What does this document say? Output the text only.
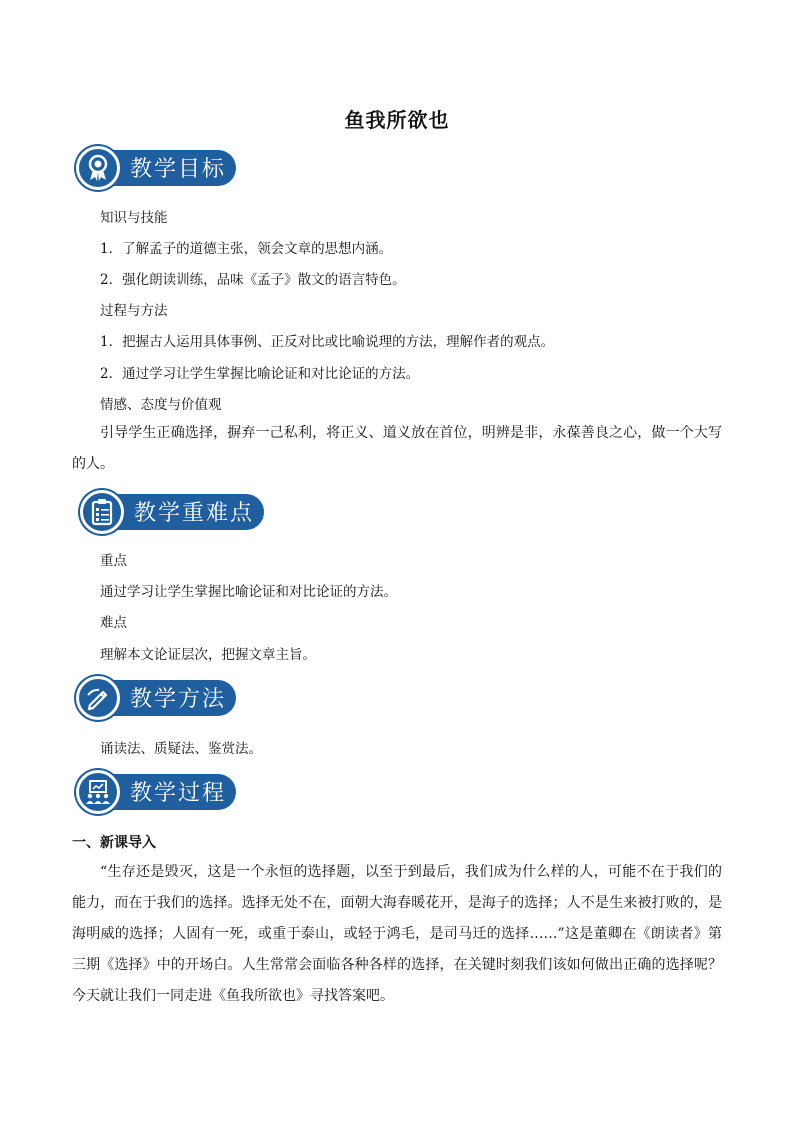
鱼我所欲也
教学目标
知识与技能
1．了解孟子的道德主张，领会文章的思想内涵。
2．强化朗读训练，品味《孟子》散文的语言特色。
过程与方法
1．把握古人运用具体事例、正反对比或比喻说理的方法，理解作者的观点。
2．通过学习让学生掌握比喻论证和对比论证的方法。
情感、态度与价值观
引导学生正确选择，摒弃一己私利，将正义、道义放在首位，明辨是非，永葆善良之心，做一个大写的人。
教学重难点
重点
通过学习让学生掌握比喻论证和对比论证的方法。
难点
理解本文论证层次，把握文章主旨。
教学方法
诵读法、质疑法、鉴赏法。
教学过程
一、新课导入
“生存还是毁灭，这是一个永恒的选择题，以至于到最后，我们成为什么样的人，可能不在于我们的能力，而在于我们的选择。选择无处不在，面朝大海春暖花开，是海子的选择；人不是生来被打败的，是海明威的选择；人固有一死，或重于泰山，或轻于鸿毛，是司马迁的选择……”这是董卿在《朗读者》第三期《选择》中的开场白。人生常常会面临各种各样的选择，在关键时刻我们该如何做出正确的选择呢？今天就让我们一同走进《鱼我所欲也》寻找答案吧。
